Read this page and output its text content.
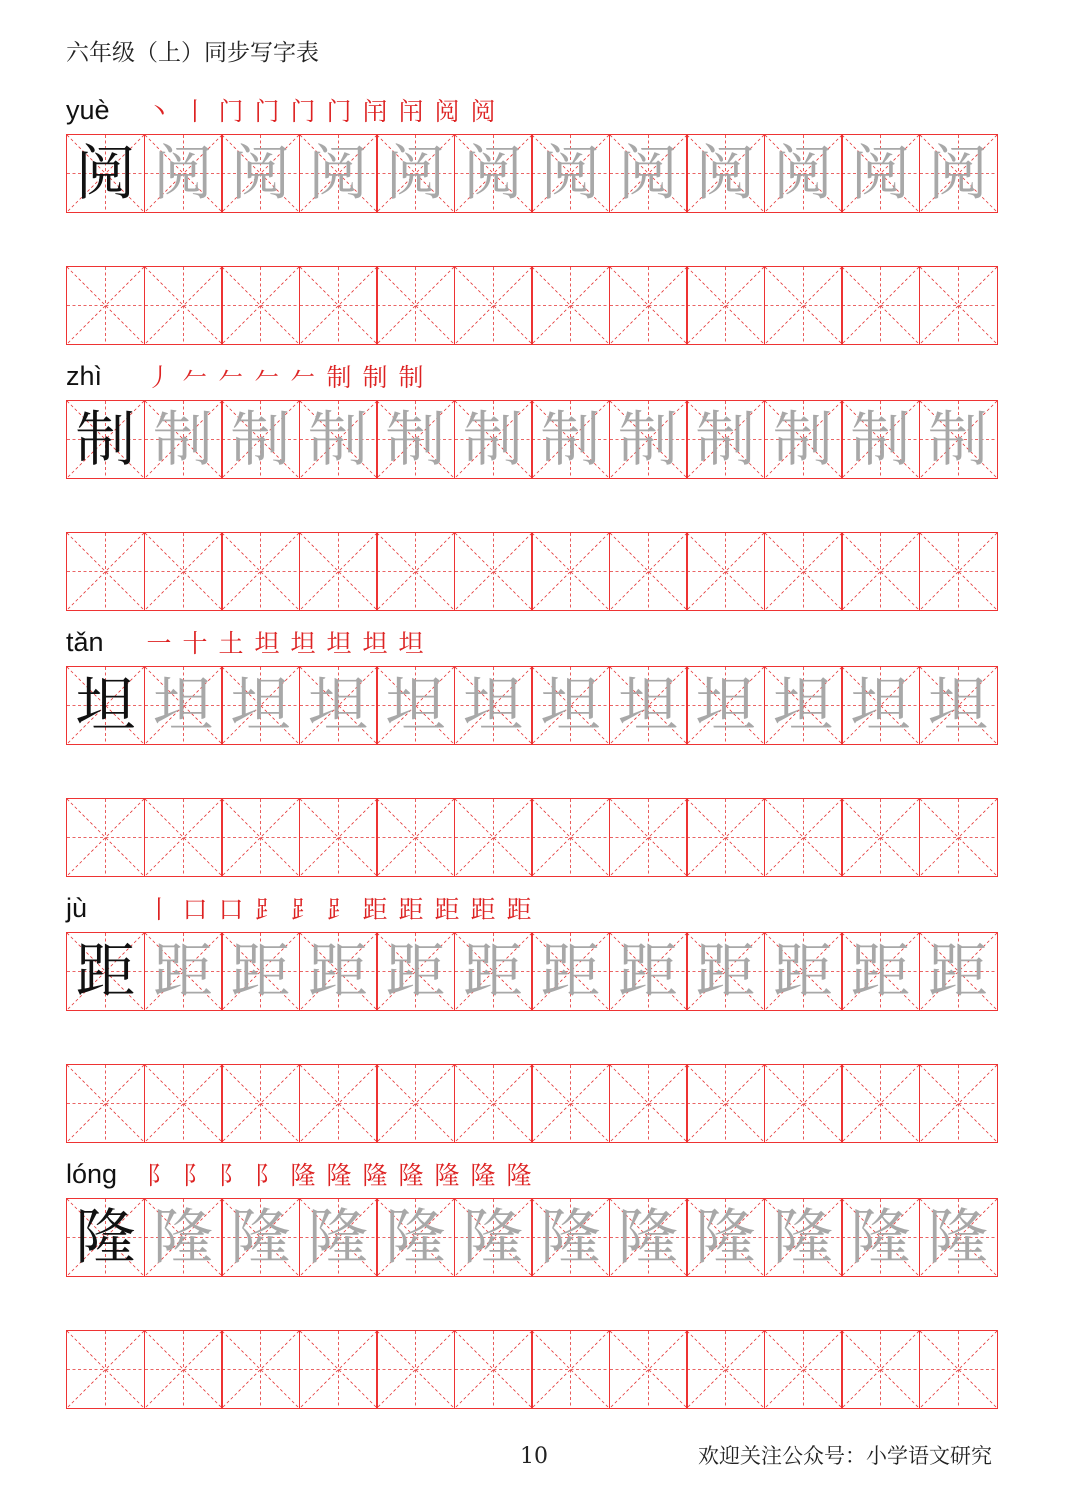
六年级（上）同步写字表
yuè	丶 丨 门 门 门 门 闬 闬 阅 阅
阅 阅 阅 阅 阅 阅 阅 阅 阅 阅 阅 阅
zhì	丿 𠂉 𠂉 𠂉 𠂉 制 制 制
制 制 制 制 制 制 制 制 制 制 制 制
tǎn	一 十 土 坦 坦 坦 坦 坦
坦 坦 坦 坦 坦 坦 坦 坦 坦 坦 坦 坦
jù	丨 口 口 ⻊ ⻊ ⻊ 距 距 距 距 距
距 距 距 距 距 距 距 距 距 距 距 距
lóng	阝 阝 阝 阝 隆 隆 隆 隆 隆 隆 隆
隆 隆 隆 隆 隆 隆 隆 隆 隆 隆 隆 隆
10	欢迎关注公众号：小学语文研究
